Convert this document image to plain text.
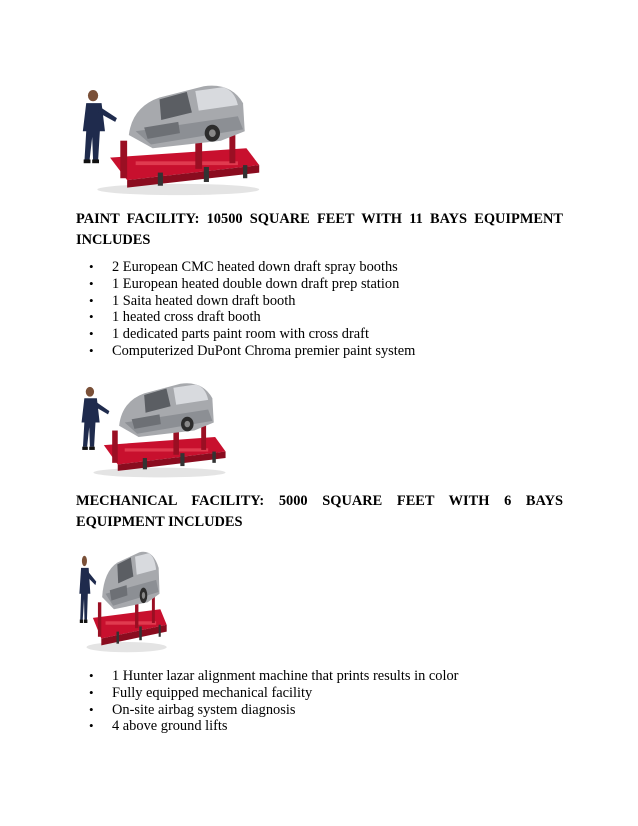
PAINT FACILITY: 10500 SQUARE FEET WITH 11 BAYS EQUIPMENT INCLUDES

• 2 European CMC heated down draft spray booths
• 1 European heated double down draft prep station
• 1 Saita heated down draft booth
• 1 heated cross draft booth
• 1 dedicated parts paint room with cross draft
• Computerized DuPont Chroma premier paint system

MECHANICAL FACILITY: 5000 SQUARE FEET WITH 6 BAYS EQUIPMENT INCLUDES

• 1 Hunter lazar alignment machine that prints results in color
• Fully equipped mechanical facility
• On-site airbag system diagnosis
• 4 above ground lifts
